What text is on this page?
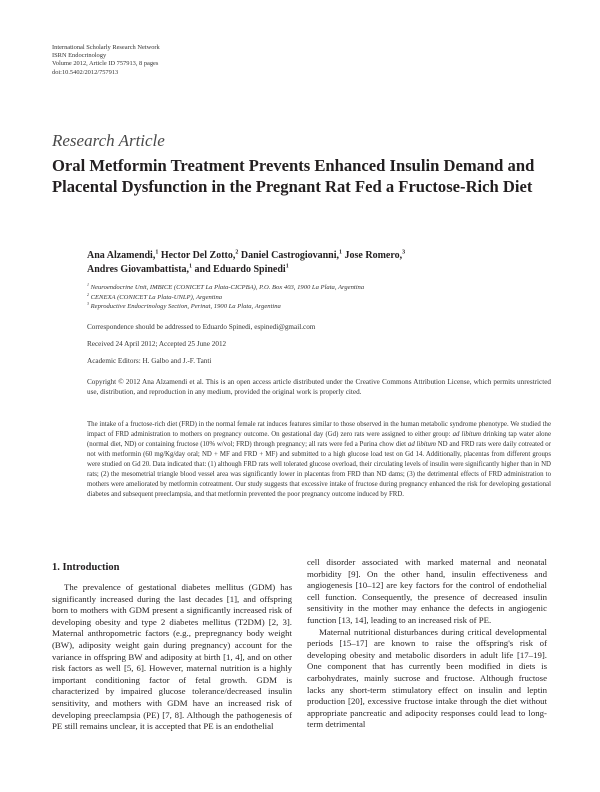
International Scholarly Research Network
ISRN Endocrinology
Volume 2012, Article ID 757913, 8 pages
doi:10.5402/2012/757913
Research Article
Oral Metformin Treatment Prevents Enhanced Insulin Demand and Placental Dysfunction in the Pregnant Rat Fed a Fructose-Rich Diet
Ana Alzamendi,$^1$ Hector Del Zotto,$^2$ Daniel Castrogiovanni,$^1$ Jose Romero,$^3$
Andres Giovambattista,$^1$ and Eduardo Spinedi$^1$
$^1$ Neuroendocrine Unit, IMBICE (CONICET La Plata-CICPBA), P.O. Box 403, 1900 La Plata, Argentina
$^2$ CENEXA (CONICET La Plata-UNLP), Argentina
$^3$ Reproductive Endocrinology Section, Perinat, 1900 La Plata, Argentina
Correspondence should be addressed to Eduardo Spinedi, espinedi@gmail.com
Received 24 April 2012; Accepted 25 June 2012
Academic Editors: H. Galbo and J.-F. Tanti
Copyright © 2012 Ana Alzamendi et al. This is an open access article distributed under the Creative Commons Attribution License, which permits unrestricted use, distribution, and reproduction in any medium, provided the original work is properly cited.
The intake of a fructose-rich diet (FRD) in the normal female rat induces features similar to those observed in the human metabolic syndrome phenotype. We studied the impact of FRD administration to mothers on pregnancy outcome. On gestational day (Gd) zero rats were assigned to either group: ad libitum drinking tap water alone (normal diet, ND) or containing fructose (10% w/vol; FRD) through pregnancy; all rats were fed a Purina chow diet ad libitum ND and FRD rats were daily cotreated or not with metformin (60 mg/Kg/day oral; ND + MF and FRD + MF) and submitted to a high glucose load test on Gd 14. Additionally, placentas from different groups were studied on Gd 20. Data indicated that: (1) although FRD rats well tolerated glucose overload, their circulating levels of insulin were significantly higher than in ND rats; (2) the mesometrial triangle blood vessel area was significantly lower in placentas from FRD than ND dams; (3) the detrimental effects of FRD administration to mothers were ameliorated by metformin cotreatment. Our study suggests that excessive intake of fructose during pregnancy enhanced the risk for developing gestational diabetes and subsequent preeclampsia, and that metformin prevented the poor pregnancy outcome induced by FRD.
1. Introduction

The prevalence of gestational diabetes mellitus (GDM) has significantly increased during the last decades [1], and offspring born to mothers with GDM present a significantly increased risk of developing obesity and type 2 diabetes mellitus (T2DM) [2, 3]. Maternal anthropometric factors (e.g., prepregnancy body weight (BW), adiposity weight gain during pregnancy) account for the variance in offspring BW and adiposity at birth [1, 4], and on other risk factors as well [5, 6]. However, maternal nutrition is a highly important conditioning factor of fetal growth. GDM is characterized by impaired glucose tolerance/decreased insulin sensitivity, and mothers with GDM have an increased risk of developing preeclampsia (PE) [7, 8]. Although the pathogenesis of PE still remains unclear, it is accepted that PE is an endothelial

cell disorder associated with marked maternal and neonatal morbidity [9]. On the other hand, insulin effectiveness and angiogenesis [10–12] are key factors for the control of endothelial cell function. Consequently, the presence of decreased insulin sensitivity in the mother may enhance the defects in angiogenic function [13, 14], leading to an increased risk of PE.

Maternal nutritional disturbances during critical developmental periods [15–17] are known to raise the offspring's risk of developing obesity and metabolic disorders in adult life [17–19]. One component that has currently been modified in diets is carbohydrates, mainly sucrose and fructose. Although fructose lacks any short-term stimulatory effect on insulin and leptin production [20], excessive fructose intake through the diet without appropriate pancreatic and adipocity responses could lead to long-term detrimental
